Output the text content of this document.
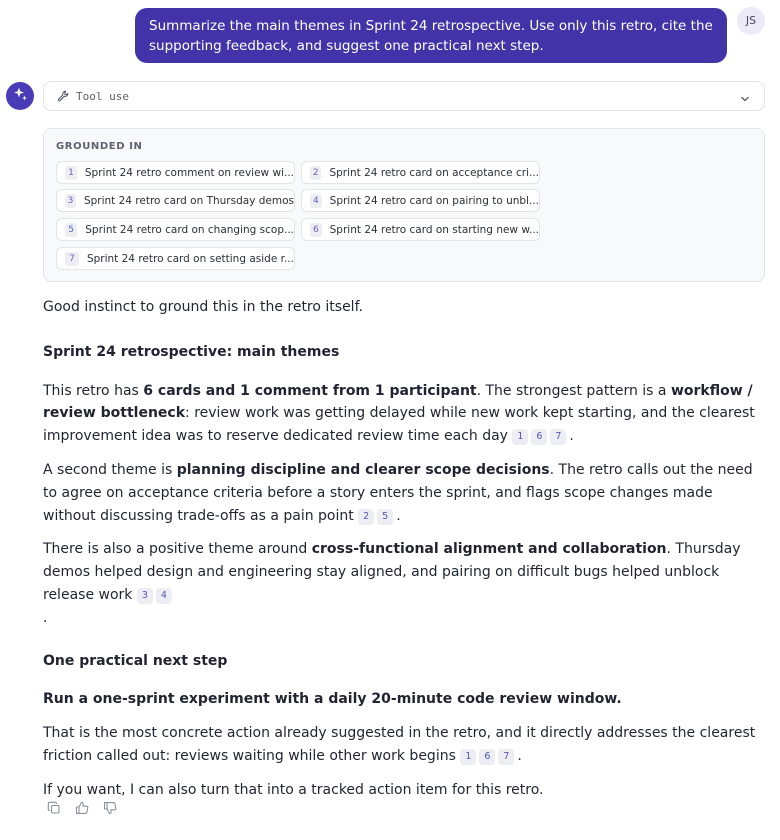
Summarize the main themes in Sprint 24 retrospective. Use only this retro, cite the supporting feedback, and suggest one practical next step.
JS
Tool use
GROUNDED IN
1 Sprint 24 retro comment on review wi...	2 Sprint 24 retro card on acceptance cri...
3 Sprint 24 retro card on Thursday demos	4 Sprint 24 retro card on pairing to unbl...
5	Sprint 24 retro card on changing scop...	6 Sprint 24 retro card on starting new w...
7	Sprint 24 retro card on setting aside r...

Good instinct to ground this in the retro itself.

Sprint 24 retrospective: main themes

This retro has 6 cards and 1 comment from 1 participant. The strongest pattern is a workflow / review bottleneck: review work was getting delayed while new work kept starting, and the clearest improvement idea was to reserve dedicated review time each day 1 6 7 .

A second theme is planning discipline and clearer scope decisions. The retro calls out the need to agree on acceptance criteria before a story enters the sprint, and flags scope changes made without discussing trade-offs as a pain point 2 5 .

There is also a positive theme around cross-functional alignment and collaboration. Thursday demos helped design and engineering stay aligned, and pairing on difficult bugs helped unblock release work 3 4
.

One practical next step

Run a one-sprint experiment with a daily 20-minute code review window.

That is the most concrete action already suggested in the retro, and it directly addresses the clearest friction called out: reviews waiting while other work begins 1 6 7 .

If you want, I can also turn that into a tracked action item for this retro.
